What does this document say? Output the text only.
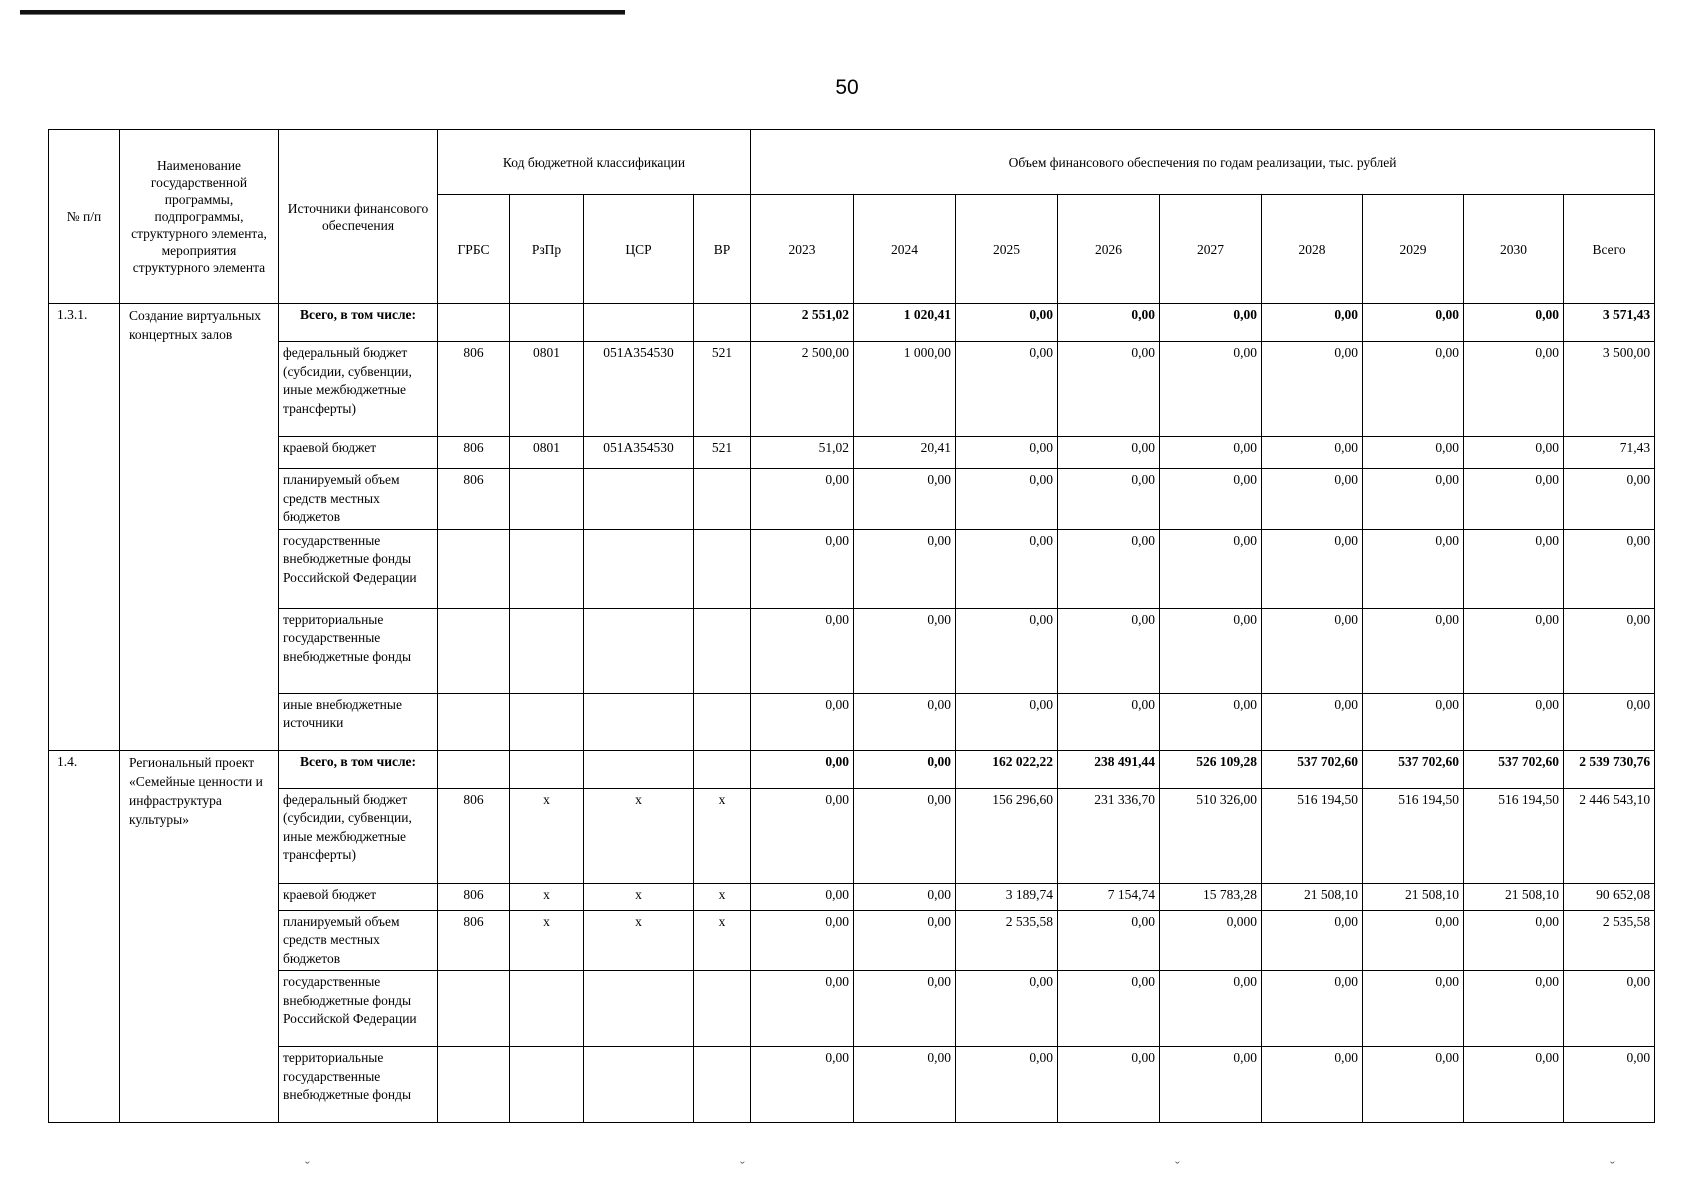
50
№ п/п	Наименование государственной программы, подпрограммы, структурного элемента, мероприятия структурного элемента	Источники финансового обеспечения	Код бюджетной классификации				Объем финансового обеспечения по годам реализации, тыс. рублей								
			ГРБС	РзПр	ЦСР	ВР	2023	2024	2025	2026	2027	2028	2029	2030	Всего
1.3.1.	Создание виртуальных концертных залов	Всего, в том числе:					2 551,02	1 020,41	0,00	0,00	0,00	0,00	0,00	0,00	3 571,43
		федеральный бюджет (субсидии, субвенции, иные межбюджетные трансферты)	806	0801	051А354530	521	2 500,00	1 000,00	0,00	0,00	0,00	0,00	0,00	0,00	3 500,00
		краевой бюджет	806	0801	051А354530	521	51,02	20,41	0,00	0,00	0,00	0,00	0,00	0,00	71,43
		планируемый объем средств местных бюджетов	806				0,00	0,00	0,00	0,00	0,00	0,00	0,00	0,00	0,00
		государственные внебюджетные фонды Российской Федерации					0,00	0,00	0,00	0,00	0,00	0,00	0,00	0,00	0,00
		территориальные государственные внебюджетные фонды					0,00	0,00	0,00	0,00	0,00	0,00	0,00	0,00	0,00
		иные внебюджетные источники					0,00	0,00	0,00	0,00	0,00	0,00	0,00	0,00	0,00
1.4.	Региональный проект «Семейные ценности и инфраструктура культуры»	Всего, в том числе:					0,00	0,00	162 022,22	238 491,44	526 109,28	537 702,60	537 702,60	537 702,60	2 539 730,76
		федеральный бюджет (субсидии, субвенции, иные межбюджетные трансферты)	806	х	х	х	0,00	0,00	156 296,60	231 336,70	510 326,00	516 194,50	516 194,50	516 194,50	2 446 543,10
		краевой бюджет	806	х	х	х	0,00	0,00	3 189,74	7 154,74	15 783,28	21 508,10	21 508,10	21 508,10	90 652,08
		планируемый объем средств местных бюджетов	806	х	х	х	0,00	0,00	2 535,58	0,00	0,000	0,00	0,00	0,00	2 535,58
		государственные внебюджетные фонды Российской Федерации					0,00	0,00	0,00	0,00	0,00	0,00	0,00	0,00	0,00
		территориальные государственные внебюджетные фонды					0,00	0,00	0,00	0,00	0,00	0,00	0,00	0,00	0,00
ˇ	ˇ	ˇ	ˇ
